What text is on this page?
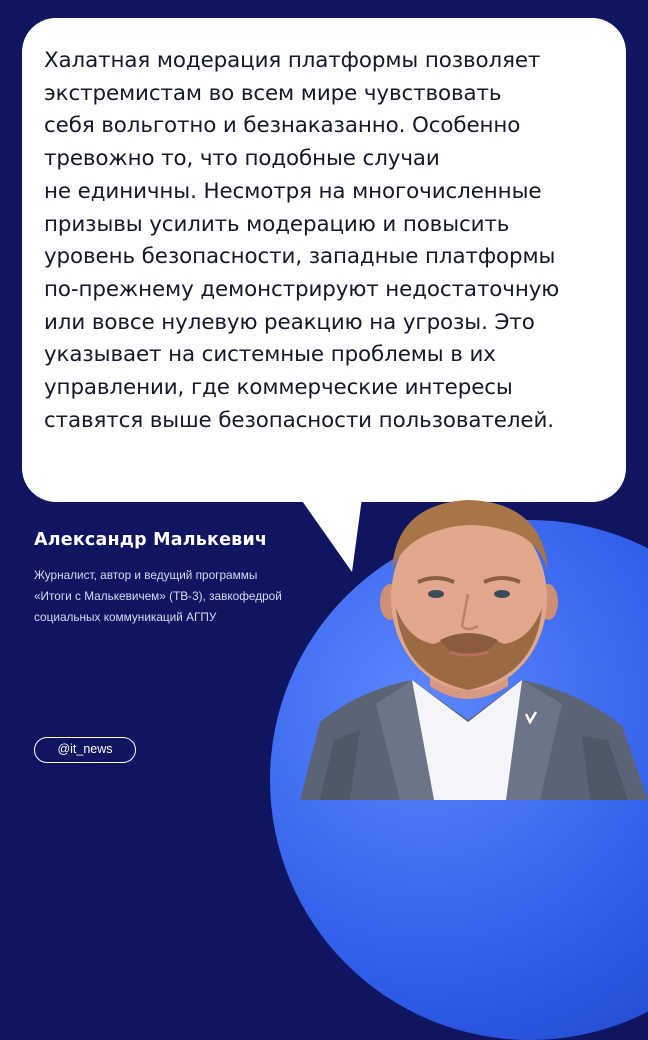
Халатная модерация платформы позволяет
экстремистам во всем мире чувствовать
себя вольготно и безнаказанно. Особенно
тревожно то, что подобные случаи
не единичны. Несмотря на многочисленные
призывы усилить модерацию и повысить
уровень безопасности, западные платформы
по-прежнему демонстрируют недостаточную
или вовсе нулевую реакцию на угрозы. Это
указывает на системные проблемы в их
управлении, где коммерческие интересы
ставятся выше безопасности пользователей.

Александр Малькевич
Журналист, автор и ведущий программы
«Итоги с Малькевичем» (ТВ-3), завкофедрой
социальных коммуникаций АГПУ
@it_news
